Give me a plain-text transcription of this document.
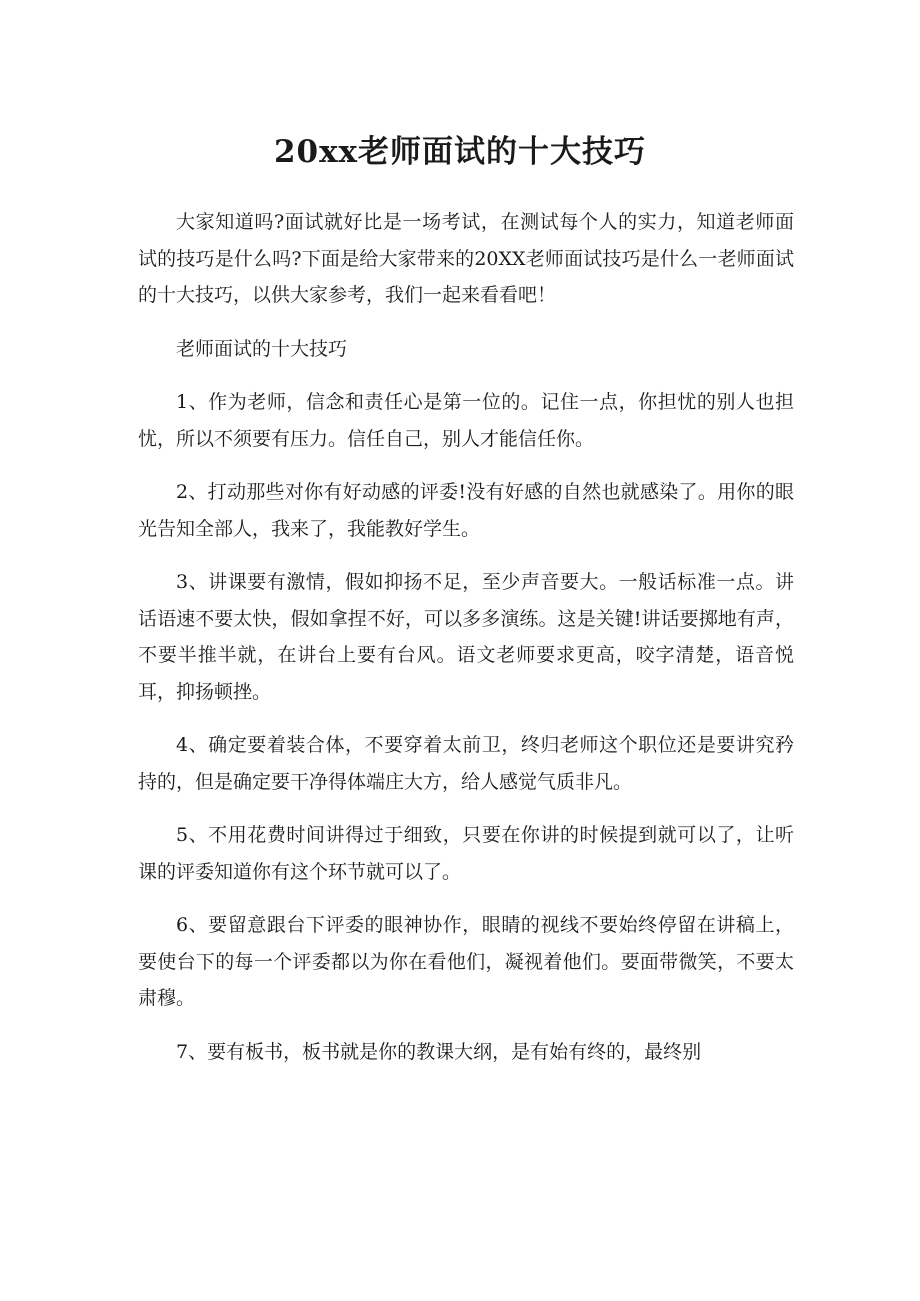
20xx老师面试的十大技巧

大家知道吗?面试就好比是一场考试，在测试每个人的实力，知道老师面试的技巧是什么吗?下面是给大家带来的20XX老师面试技巧是什么一老师面试的十大技巧，以供大家参考，我们一起来看看吧！

老师面试的十大技巧

1、作为老师，信念和责任心是第一位的。记住一点，你担忧的别人也担忧，所以不须要有压力。信任自己，别人才能信任你。

2、打动那些对你有好动感的评委!没有好感的自然也就感染了。用你的眼光告知全部人，我来了，我能教好学生。

3、讲课要有激情，假如抑扬不足，至少声音要大。一般话标准一点。讲话语速不要太快，假如拿捏不好，可以多多演练。这是关键!讲话要掷地有声，不要半推半就，在讲台上要有台风。语文老师要求更高，咬字清楚，语音悦耳，抑扬顿挫。

4、确定要着装合体，不要穿着太前卫，终归老师这个职位还是要讲究矜持的，但是确定要干净得体端庄大方，给人感觉气质非凡。

5、不用花费时间讲得过于细致，只要在你讲的时候提到就可以了，让听课的评委知道你有这个环节就可以了。

6、要留意跟台下评委的眼神协作，眼睛的视线不要始终停留在讲稿上，要使台下的每一个评委都以为你在看他们，凝视着他们。要面带微笑，不要太肃穆。

7、要有板书，板书就是你的教课大纲，是有始有终的，最终别
